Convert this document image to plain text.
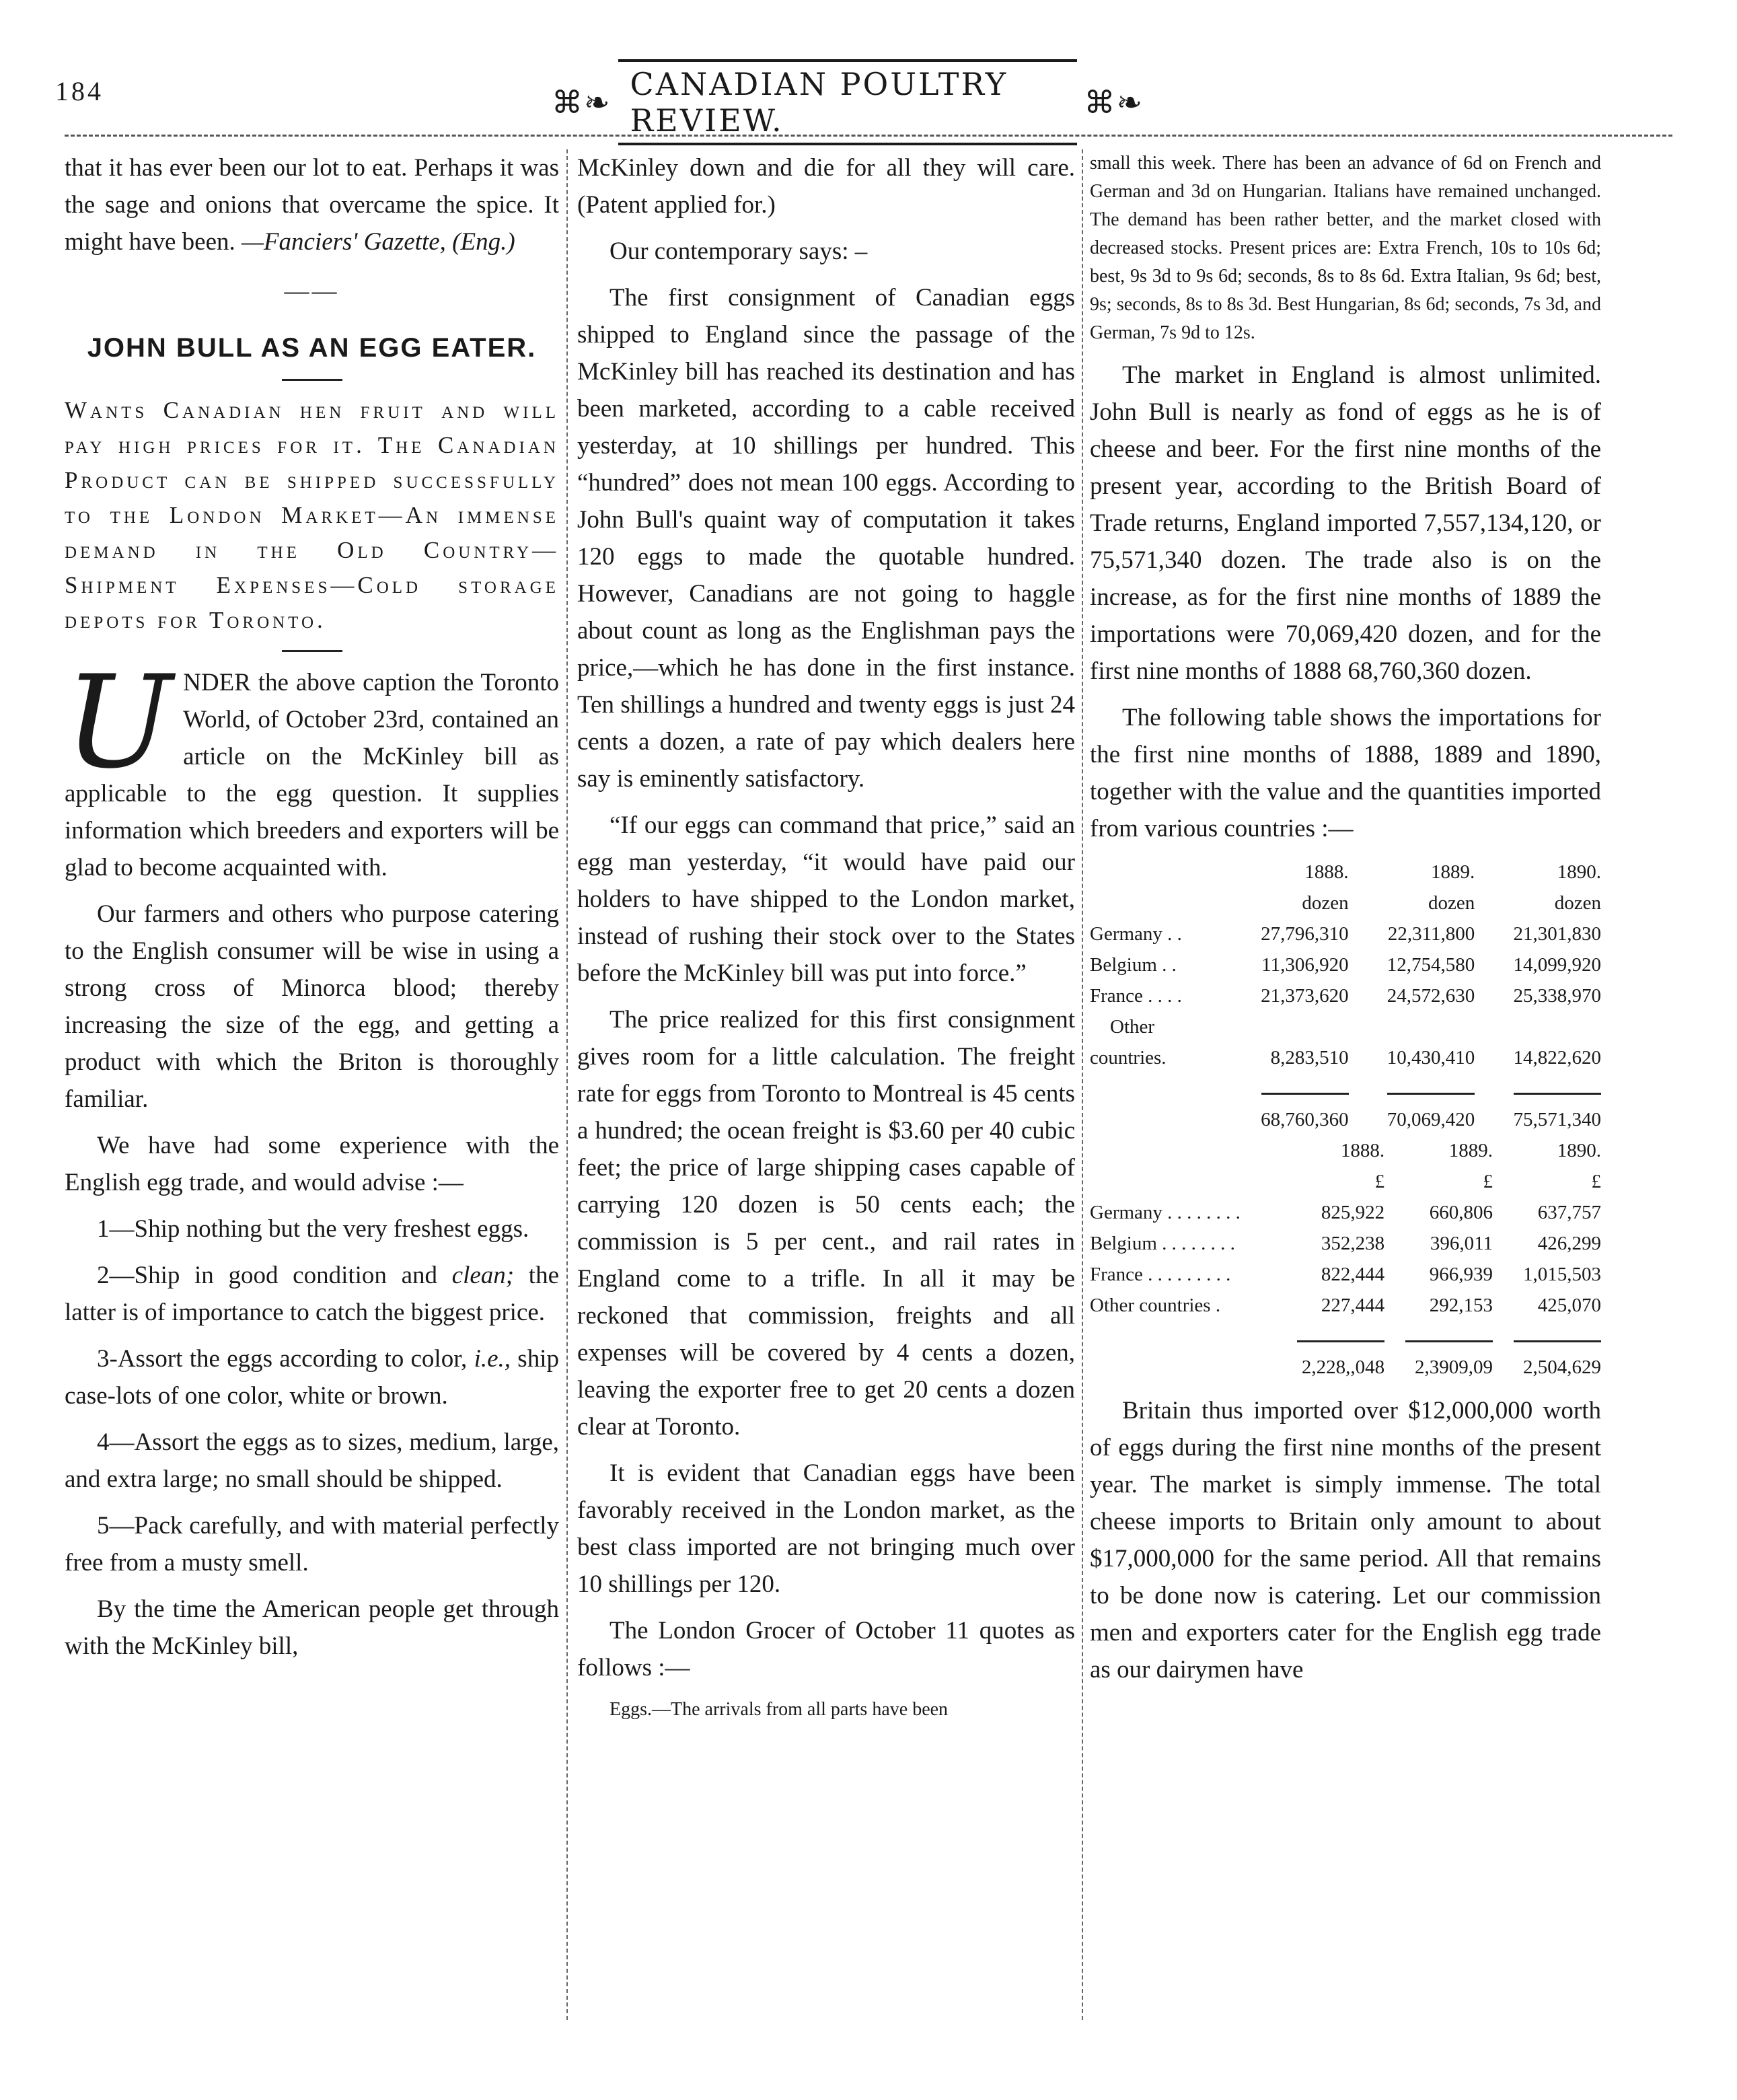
184	⌘❧
CANADIAN POULTRY REVIEW.	⌘❧

that it has ever been our lot to eat. Perhaps it was the sage and onions that overcame the spice. It might have been. —Fanciers' Gazette, (Eng.)

——
JOHN BULL AS AN EGG EATER.
Wants Canadian hen fruit and will pay high prices for it. The Canadian Product can be shipped successfully to the London Market—An immense demand in the Old Country—Shipment Expenses—Cold storage depots for Toronto.

U NDER the above caption the Toronto World, of October 23rd, contained an article on the McKinley bill as applicable to the egg question. It supplies information which breeders and exporters will be glad to become acquainted with.

Our farmers and others who purpose catering to the English consumer will be wise in using a strong cross of Minorca blood; thereby increasing the size of the egg, and getting a product with which the Briton is thoroughly familiar.

We have had some experience with the English egg trade, and would advise :—

1—Ship nothing but the very freshest eggs.

2—Ship in good condition and clean; the latter is of importance to catch the biggest price.

3-Assort the eggs according to color, i.e., ship case-lots of one color, white or brown.

4—Assort the eggs as to sizes, medium, large, and extra large; no small should be shipped.

5—Pack carefully, and with material perfectly free from a musty smell.

By the time the American people get through with the McKinley bill,

McKinley down and die for all they will care. (Patent applied for.)

Our contemporary says: –

The first consignment of Canadian eggs shipped to England since the passage of the McKinley bill has reached its destination and has been marketed, according to a cable received yesterday, at 10 shillings per hundred. This “hundred” does not mean 100 eggs. According to John Bull's quaint way of computation it takes 120 eggs to made the quotable hundred. However, Canadians are not going to haggle about count as long as the Englishman pays the price,—which he has done in the first instance. Ten shillings a hundred and twenty eggs is just 24 cents a dozen, a rate of pay which dealers here say is eminently satisfactory.

“If our eggs can command that price,” said an egg man yesterday, “it would have paid our holders to have shipped to the London market, instead of rushing their stock over to the States before the McKinley bill was put into force.”

The price realized for this first consignment gives room for a little calculation. The freight rate for eggs from Toronto to Montreal is 45 cents a hundred; the ocean freight is $3.60 per 40 cubic feet; the price of large shipping cases capable of carrying 120 dozen is 50 cents each; the commission is 5 per cent., and rail rates in England come to a trifle. In all it may be reckoned that commission, freights and all expenses will be covered by 4 cents a dozen, leaving the exporter free to get 20 cents a dozen clear at Toronto.

It is evident that Canadian eggs have been favorably received in the London market, as the best class imported are not bringing much over 10 shillings per 120.

The London Grocer of October 11 quotes as follows :—

Eggs.—The arrivals from all parts have been

small this week. There has been an advance of 6d on French and German and 3d on Hungarian. Italians have remained unchanged. The demand has been rather better, and the market closed with decreased stocks. Present prices are: Extra French, 10s to 10s 6d; best, 9s 3d to 9s 6d; seconds, 8s to 8s 6d. Extra Italian, 9s 6d; best, 9s; seconds, 8s to 8s 3d. Best Hungarian, 8s 6d; seconds, 7s 3d, and German, 7s 9d to 12s.

The market in England is almost unlimited. John Bull is nearly as fond of eggs as he is of cheese and beer. For the first nine months of the present year, according to the British Board of Trade returns, England imported 7,557,134,120, or 75,571,340 dozen. The trade also is on the increase, as for the first nine months of 1889 the importations were 70,069,420 dozen, and for the first nine months of 1888 68,760,360 dozen.

The following table shows the importations for the first nine months of 1888, 1889 and 1890, together with the value and the quantities imported from various countries :—

	1888.	1889.	1890.
	dozen	dozen	dozen
Germany . .	27,796,310	22,311,800	21,301,830
Belgium . .	11,306,920	12,754,580	14,099,920
France . . . .	21,373,620	24,572,630	25,338,970
Other			
countries.	8,283,510	10,430,410	14,822,620

	68,760,360	70,069,420	75,571,340
	1888.	1889.	1890.
	£	£	£
Germany . . . . . . . .	825,922	660,806	637,757
Belgium . . . . . . . .	352,238	396,011	426,299
France . . . . . . . . .	822,444	966,939	1,015,503
Other countries .	227,444	292,153	425,070

	2,228,,048	2,3909,09	2,504,629

Britain thus imported over $12,000,000 worth of eggs during the first nine months of the present year. The market is simply immense. The total cheese imports to Britain only amount to about $17,000,000 for the same period. All that remains to be done now is catering. Let our commission men and exporters cater for the English egg trade as our dairymen have
